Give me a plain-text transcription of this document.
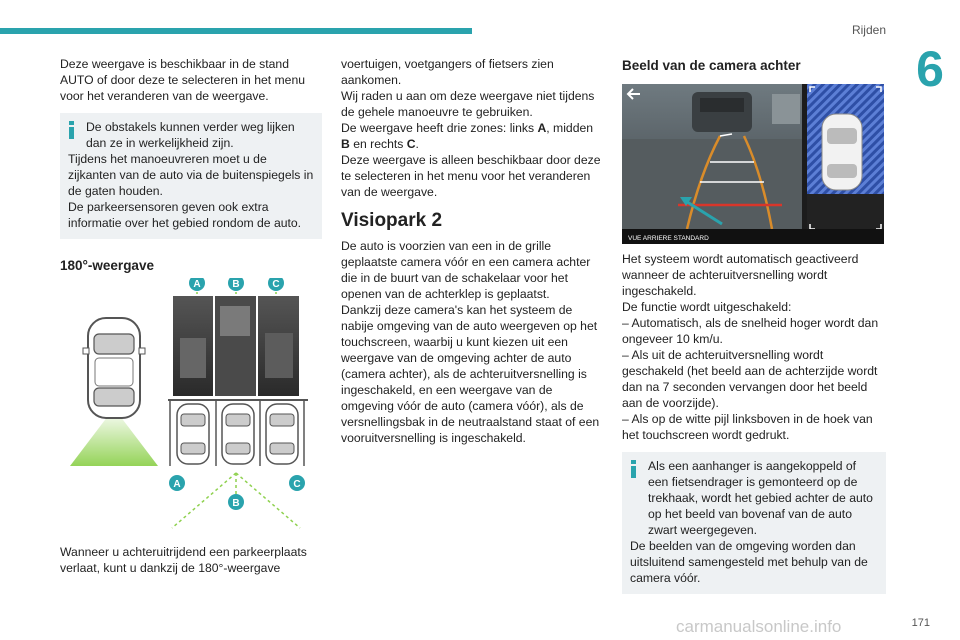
Rijden
6

Deze weergave is beschikbaar in de stand AUTO of door deze te selecteren in het menu voor het veranderen van de weergave.

De obstakels kunnen verder weg lijken dan ze in werkelijkheid zijn.

Tijdens het manoeuvreren moet u de zijkanten van de auto via de buitenspiegels in de gaten houden.

De parkeersensoren geven ook extra informatie over het gebied rondom de auto.

180°-weergave
A	B	C
A
B
C

Wanneer u achteruitrijdend een parkeerplaats verlaat, kunt u dankzij de 180°-weergave

voertuigen, voetgangers of fietsers zien aankomen.

Wij raden u aan om deze weergave niet tijdens de gehele manoeuvre te gebruiken.

De weergave heeft drie zones: links A, midden B en rechts C.

Deze weergave is alleen beschikbaar door deze te selecteren in het menu voor het veranderen van de weergave.

Visiopark 2

De auto is voorzien van een in de grille geplaatste camera vóór en een camera achter die in de buurt van de schakelaar voor het openen van de achterklep is geplaatst.

Dankzij deze camera's kan het systeem de nabije omgeving van de auto weergeven op het touchscreen, waarbij u kunt kiezen uit een weergave van de omgeving achter de auto (camera achter), als de achteruitversnelling is ingeschakeld, en een weergave van de omgeving vóór de auto (camera vóór), als de versnellingsbak in de neutraalstand staat of een vooruitversnelling is ingeschakeld.

Beeld van de camera achter
VUE ARRIERE STANDARD

Het systeem wordt automatisch geactiveerd wanneer de achteruitversnelling wordt ingeschakeld.

De functie wordt uitgeschakeld:

– Automatisch, als de snelheid hoger wordt dan ongeveer 10 km/u.

– Als uit de achteruitversnelling wordt geschakeld (het beeld aan de achterzijde wordt dan na 7 seconden vervangen door het beeld aan de voorzijde).

– Als op de witte pijl linksboven in de hoek van het touchscreen wordt gedrukt.

Als een aanhanger is aangekoppeld of een fietsendrager is gemonteerd op de trekhaak, wordt het gebied achter de auto op het beeld van bovenaf van de auto zwart weergegeven.

De beelden van de omgeving worden dan uitsluitend samengesteld met behulp van de camera vóór.

carmanualsonline.info	171
